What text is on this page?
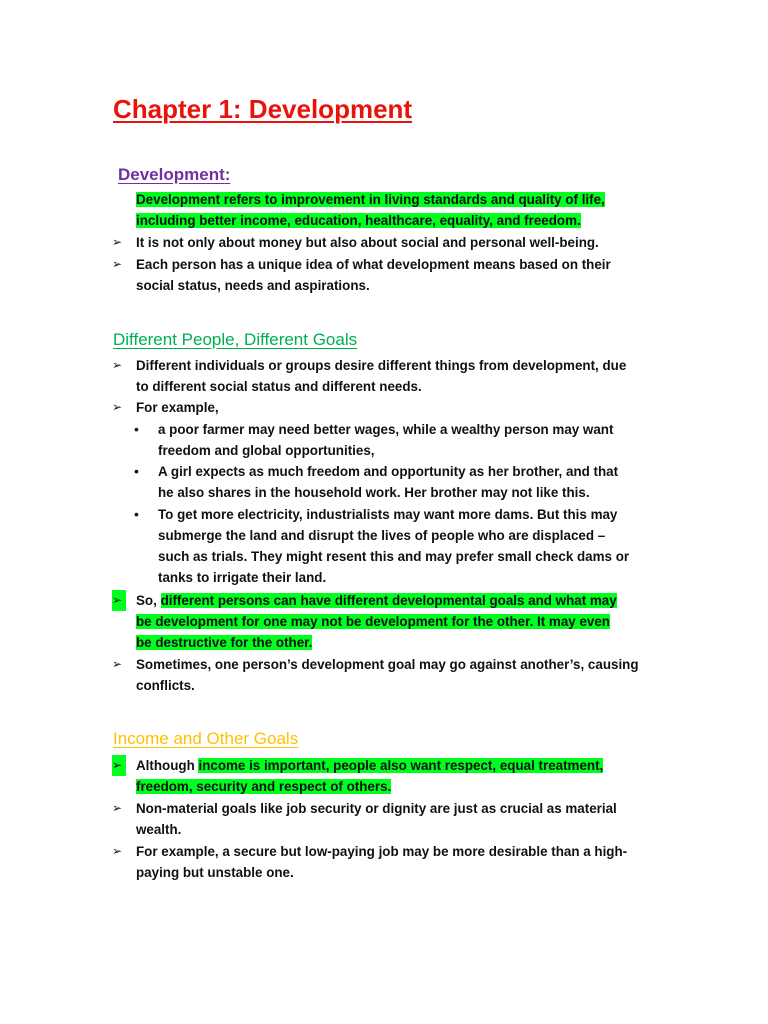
Chapter 1: Development
Development:
Development refers to improvement in living standards and quality of life,
including better income, education, healthcare, equality, and freedom.
➢ It is not only about money but also about social and personal well-being.
➢ Each person has a unique idea of what development means based on their
social status, needs and aspirations.
Different People, Different Goals
➢ Different individuals or groups desire different things from development, due
to different social status and different needs.
➢ For example,
• a poor farmer may need better wages, while a wealthy person may want
freedom and global opportunities,
• A girl expects as much freedom and opportunity as her brother, and that
he also shares in the household work. Her brother may not like this.
• To get more electricity, industrialists may want more dams. But this may
submerge the land and disrupt the lives of people who are displaced –
such as trials. They might resent this and may prefer small check dams or
tanks to irrigate their land.
➢ So, different persons can have different developmental goals and what may
be development for one may not be development for the other. It may even
be destructive for the other.
➢ Sometimes, one person’s development goal may go against another’s, causing
conflicts.
Income and Other Goals
➢ Although income is important, people also want respect, equal treatment,
freedom, security and respect of others.
➢ Non-material goals like job security or dignity are just as crucial as material
wealth.
➢ For example, a secure but low-paying job may be more desirable than a high-
paying but unstable one.
